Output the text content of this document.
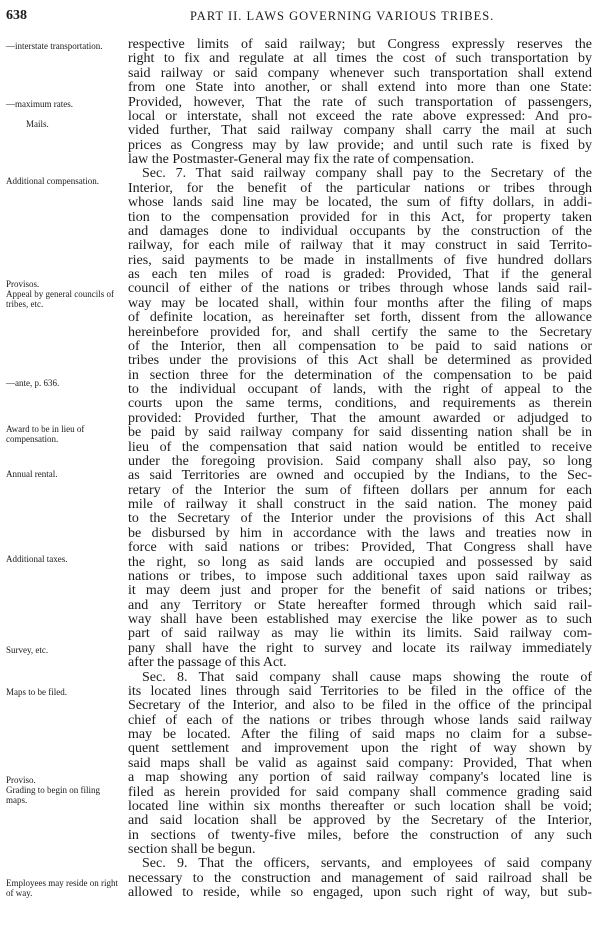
638	PART II. LAWS GOVERNING VARIOUS TRIBES.
—interstate transportation.
—maximum rates.
Mails.
Additional compensation.
Provisos.
Appeal by general councils of tribes, etc.
—ante, p. 636.
Award to be in lieu of compensation.
Annual rental.
Additional taxes.
Survey, etc.
Maps to be filed.
Proviso.
Grading to begin on filing maps.
Employees may reside on right of way.
respective limits of said railway; but Congress expressly reserves the
right to fix and regulate at all times the cost of such transportation by
said railway or said company whenever such transportation shall extend
from one State into another, or shall extend into more than one State:
Provided, however, That the rate of such transportation of passengers,
local or interstate, shall not exceed the rate above expressed: And pro-
vided further, That said railway company shall carry the mail at such
prices as Congress may by law provide; and until such rate is fixed by
law the Postmaster-General may fix the rate of compensation.
Sec. 7. That said railway company shall pay to the Secretary of the
Interior, for the benefit of the particular nations or tribes through
whose lands said line may be located, the sum of fifty dollars, in addi-
tion to the compensation provided for in this Act, for property taken
and damages done to individual occupants by the construction of the
railway, for each mile of railway that it may construct in said Territo-
ries, said payments to be made in installments of five hundred dollars
as each ten miles of road is graded: Provided, That if the general
council of either of the nations or tribes through whose lands said rail-
way may be located shall, within four months after the filing of maps
of definite location, as hereinafter set forth, dissent from the allowance
hereinbefore provided for, and shall certify the same to the Secretary
of the Interior, then all compensation to be paid to said nations or
tribes under the provisions of this Act shall be determined as provided
in section three for the determination of the compensation to be paid
to the individual occupant of lands, with the right of appeal to the
courts upon the same terms, conditions, and requirements as therein
provided: Provided further, That the amount awarded or adjudged to
be paid by said railway company for said dissenting nation shall be in
lieu of the compensation that said nation would be entitled to receive
under the foregoing provision. Said company shall also pay, so long
as said Territories are owned and occupied by the Indians, to the Sec-
retary of the Interior the sum of fifteen dollars per annum for each
mile of railway it shall construct in the said nation. The money paid
to the Secretary of the Interior under the provisions of this Act shall
be disbursed by him in accordance with the laws and treaties now in
force with said nations or tribes: Provided, That Congress shall have
the right, so long as said lands are occupied and possessed by said
nations or tribes, to impose such additional taxes upon said railway as
it may deem just and proper for the benefit of said nations or tribes;
and any Territory or State hereafter formed through which said rail-
way shall have been established may exercise the like power as to such
part of said railway as may lie within its limits. Said railway com-
pany shall have the right to survey and locate its railway immediately
after the passage of this Act.
Sec. 8. That said company shall cause maps showing the route of
its located lines through said Territories to be filed in the office of the
Secretary of the Interior, and also to be filed in the office of the principal
chief of each of the nations or tribes through whose lands said railway
may be located. After the filing of said maps no claim for a subse-
quent settlement and improvement upon the right of way shown by
said maps shall be valid as against said company: Provided, That when
a map showing any portion of said railway company's located line is
filed as herein provided for said company shall commence grading said
located line within six months thereafter or such location shall be void;
and said location shall be approved by the Secretary of the Interior,
in sections of twenty-five miles, before the construction of any such
section shall be begun.
Sec. 9. That the officers, servants, and employees of said company
necessary to the construction and management of said railroad shall be
allowed to reside, while so engaged, upon such right of way, but sub-
